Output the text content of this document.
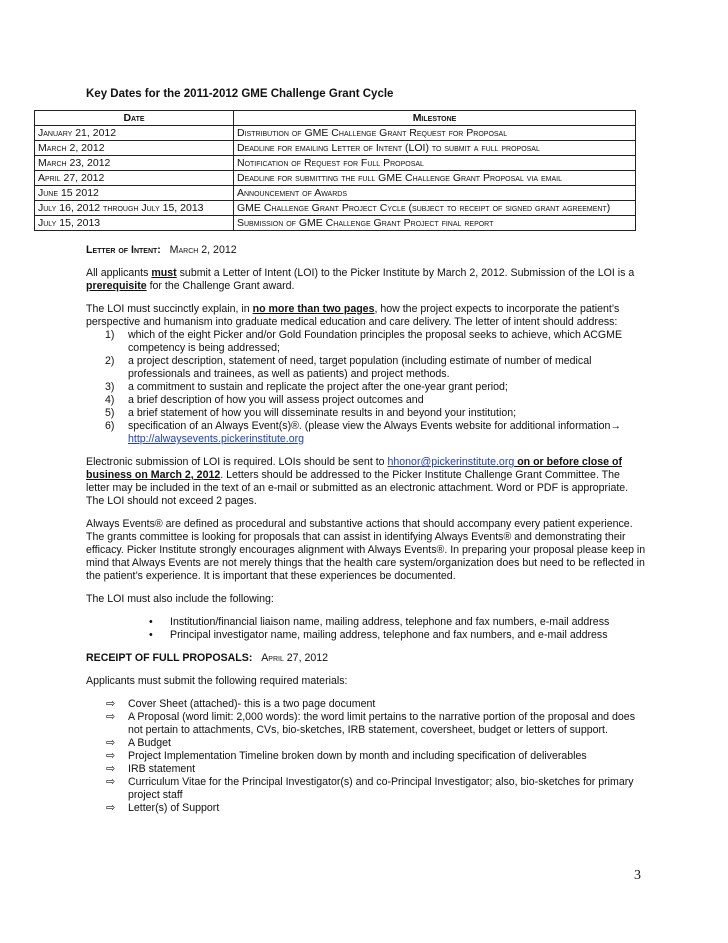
Key Dates for the 2011-2012 GME Challenge Grant Cycle
Date	Milestone
January 21, 2012	Distribution of GME Challenge Grant Request for Proposal
March 2, 2012	Deadline for emailing Letter of Intent (LOI) to submit a full proposal
March 23, 2012	Notification of Request for Full Proposal
April 27, 2012	Deadline for submitting the full GME Challenge Grant Proposal via email
June 15 2012	Announcement of Awards
July 16, 2012 through July 15, 2013	GME Challenge Grant Project Cycle (subject to receipt of signed grant agreement)
July 15, 2013	Submission of GME Challenge Grant Project final report

Letter of Intent: March 2, 2012

All applicants must submit a Letter of Intent (LOI) to the Picker Institute by March 2, 2012. Submission of the LOI is a prerequisite for the Challenge Grant award.

The LOI must succinctly explain, in no more than two pages, how the project expects to incorporate the patient’s perspective and humanism into graduate medical education and care delivery. The letter of intent should address:

1) which of the eight Picker and/or Gold Foundation principles the proposal seeks to achieve, which ACGME competency is being addressed;
2) a project description, statement of need, target population (including estimate of number of medical professionals and trainees, as well as patients) and project methods.
3) a commitment to sustain and replicate the project after the one-year grant period;
4) a brief description of how you will assess project outcomes and
5) a brief statement of how you will disseminate results in and beyond your institution;
6) specification of an Always Event(s)®. (please view the Always Events website for additional information→
http://alwaysevents.pickerinstitute.org

Electronic submission of LOI is required. LOIs should be sent to hhonor@pickerinstitute.org on or before close of business on March 2, 2012. Letters should be addressed to the Picker Institute Challenge Grant Committee. The letter may be included in the text of an e-mail or submitted as an electronic attachment. Word or PDF is appropriate. The LOI should not exceed 2 pages.

Always Events® are defined as procedural and substantive actions that should accompany every patient experience. The grants committee is looking for proposals that can assist in identifying Always Events® and demonstrating their efficacy. Picker Institute strongly encourages alignment with Always Events®. In preparing your proposal please keep in mind that Always Events are not merely things that the health care system/organization does but need to be reflected in the patient’s experience. It is important that these experiences be documented.

The LOI must also include the following:

• Institution/financial liaison name, mailing address, telephone and fax numbers, e-mail address
• Principal investigator name, mailing address, telephone and fax numbers, and e-mail address

RECEIPT OF FULL PROPOSALS: April 27, 2012

Applicants must submit the following required materials:

⇨ Cover Sheet (attached)- this is a two page document
⇨ A Proposal (word limit: 2,000 words): the word limit pertains to the narrative portion of the proposal and does not pertain to attachments, CVs, bio-sketches, IRB statement, coversheet, budget or letters of support.
⇨ A Budget
⇨ Project Implementation Timeline broken down by month and including specification of deliverables
⇨ IRB statement
⇨ Curriculum Vitae for the Principal Investigator(s) and co-Principal Investigator; also, bio-sketches for primary project staff
⇨ Letter(s) of Support
3
